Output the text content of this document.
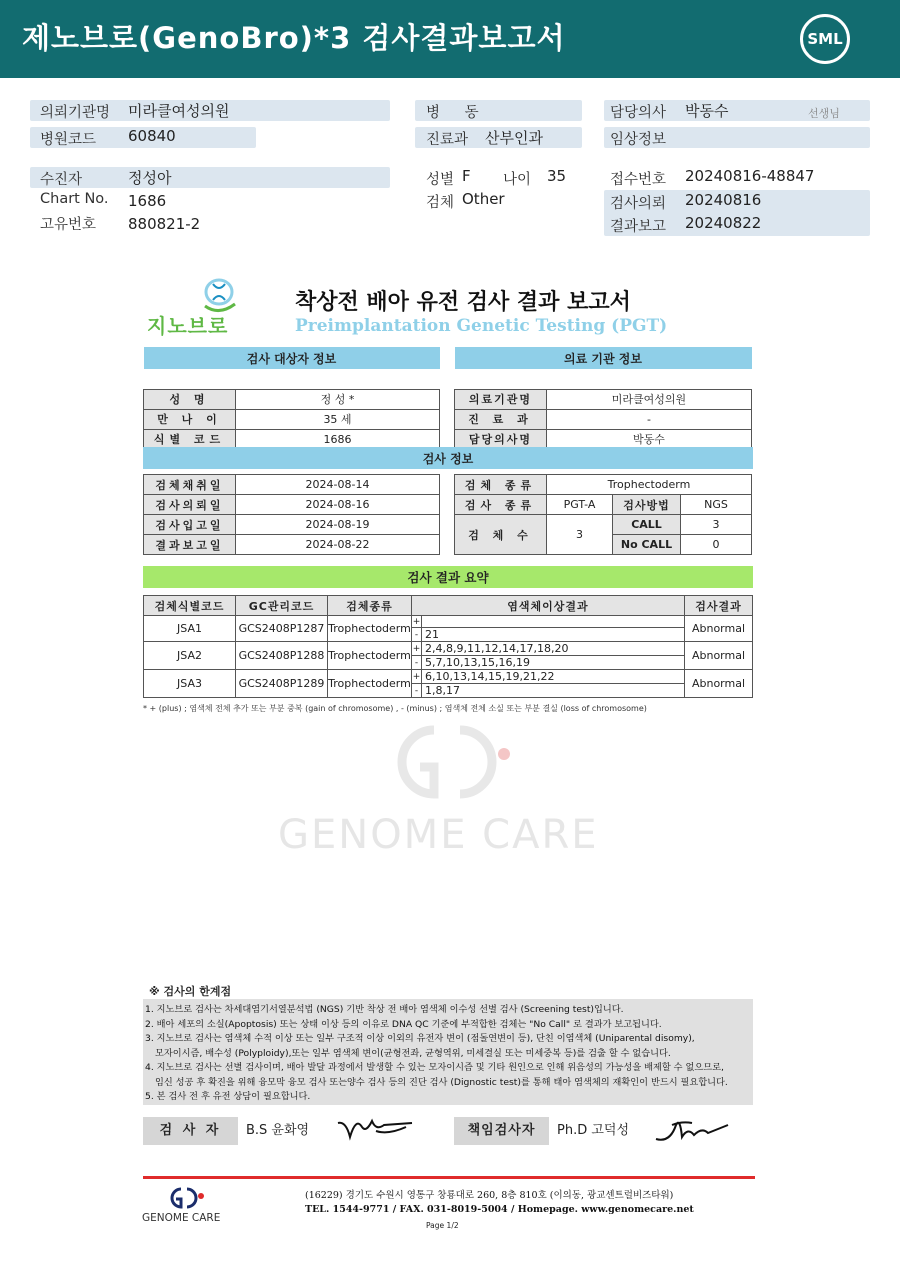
제노브로(GenoBro)*3 검사결과보고서	SML
의뢰기관명 미라클여성의원
병원코드 60840
수진자	정성아
Chart No. 1686
고유번호 880821-2
병 동
진료과 산부인과
성별 F 나이 35
검체 Other
담당의사 박동수	선생님
임상정보
접수번호 20240816-48847
검사의뢰 20240816
결과보고 20240822
지노브로
착상전 배아 유전 검사 결과 보고서
Preimplantation Genetic Testing (PGT)
검사 대상자 정보	

성 명	정 성 *
만 나 이	35 세
식별 코드	1686
의료 기관 정보	

의료기관명	미라클여성의원
진 료 과	-
담당의사명	박동수
검사 정보
검체채취일	2024-08-14
검사의뢰일	2024-08-16
검사입고일	2024-08-19
결과보고일	2024-08-22
검체 종류	Trophectoderm		
검사 종류	PGT-A	검사방법	NGS
검 체 수	3	CALL	3
		No CALL	0
검사 결과 요약
검체식별코드	GC관리코드	검체종류	염색체이상결과		검사결과
JSA1	GCS2408P1287	Trophectoderm	+		Abnormal
			-	21	
JSA2	GCS2408P1288	Trophectoderm	+	2,4,8,9,11,12,14,17,18,20	Abnormal
			-	5,7,10,13,15,16,19	
JSA3	GCS2408P1289	Trophectoderm	+	6,10,13,14,15,19,21,22	Abnormal
			-	1,8,17	
* + (plus) ; 염색체 전체 추가 또는 부분 중복 (gain of chromosome) , - (minus) ; 염색체 전체 소실 또는 부분 결실 (loss of chromosome)
GENOME CARE
※ 검사의 한계점
1. 지노브로 검사는 차세대염기서열분석법 (NGS) 기반 착상 전 배아 염색체 이수성 선별 검사 (Screening test)입니다.
2. 배아 세포의 소실(Apoptosis) 또는 상태 이상 등의 이유로 DNA QC 기준에 부적합한 검체는 "No Call" 로 결과가 보고됩니다.
3. 지노브로 검사는 염색체 수적 이상 또는 일부 구조적 이상 이외의 유전자 변이 (점돌연변이 등), 단친 이염색체 (Uniparental disomy),
모자이시즘, 배수성 (Polyploidy),또는 일부 염색체 변이(균형전좌, 균형역위, 미세결실 또는 미세중복 등)를 검출 할 수 없습니다.
4. 지노브로 검사는 선별 검사이며, 배아 발달 과정에서 발생할 수 있는 모자이시즘 및 기타 원인으로 인해 위음성의 가능성을 배제할 수 없으므로,
임신 성공 후 확진을 위해 융모막 융모 검사 또는양수 검사 등의 진단 검사 (Dignostic test)를 통해 태아 염색체의 재확인이 반드시 필요합니다.
5. 본 검사 전 후 유전 상담이 필요합니다.
검 사 자	B.S 윤화영	책임검사자	Ph.D 고덕성
GENOME CARE
(16229) 경기도 수원시 영통구 창룡대로 260, 8층 810호 (이의동, 광교센트럴비즈타워)
TEL. 1544-9771 / FAX. 031-8019-5004 / Homepage. www.genomecare.net
Page 1/2
